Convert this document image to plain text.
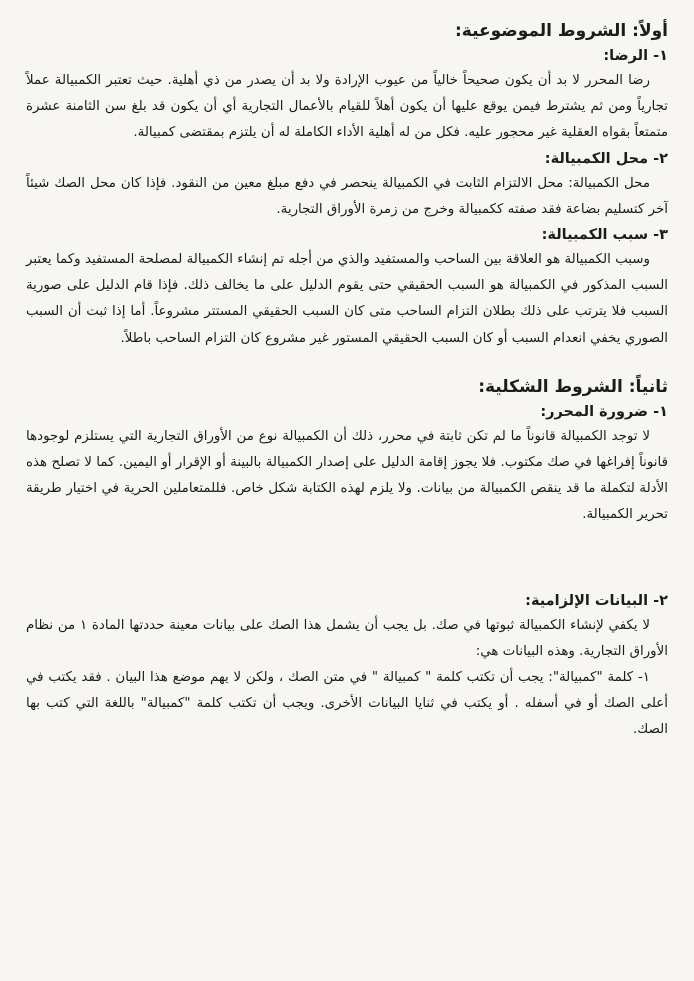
أولاً: الشروط الموضوعية:
١- الرضا:

رضا المحرر لا بد أن يكون صحيحاً خالياً من عيوب الإرادة ولا بد أن يصدر من ذي أهلية. حيث تعتبر الكمبيالة عملاً تجارياً ومن ثم يشترط فيمن يوقع عليها أن يكون أهلاً للقيام بالأعمال التجارية أي أن يكون قد بلغ سن الثامنة عشرة متمتعاً بقواه العقلية غير محجور عليه. فكل من له أهلية الأداء الكاملة له أن يلتزم بمقتضى كمبيالة.

٢- محل الكمبيالة:

محل الكمبيالة: محل الالتزام الثابت في الكمبيالة ينحصر في دفع مبلغ معين من النقود. فإذا كان محل الصك شيئاً آخر كتسليم بضاعة فقد صفته ككمبيالة وخرج من زمرة الأوراق التجارية.

٣- سبب الكمبيالة:

وسبب الكمبيالة هو العلاقة بين الساحب والمستفيد والذي من أجله تم إنشاء الكمبيالة لمصلحة المستفيد وكما يعتبر السبب المذكور في الكمبيالة هو السبب الحقيقي حتى يقوم الدليل على ما يخالف ذلك. فإذا قام الدليل على صورية السبب فلا يترتب على ذلك بطلان التزام الساحب متى كان السبب الحقيقي المستتر مشروعاً. أما إذا ثبت أن السبب الصوري يخفي انعدام السبب أو كان السبب الحقيقي المستور غير مشروع كان التزام الساحب باطلاً.

ثانياً: الشروط الشكلية:
١- ضرورة المحرر:

لا توجد الكمبيالة قانوناً ما لم تكن ثابتة في محرر، ذلك أن الكمبيالة نوع من الأوراق التجارية التي يستلزم لوجودها قانوناً إفراغها في صك مكتوب. فلا يجوز إقامة الدليل على إصدار الكمبيالة بالبينة أو الإقرار أو اليمين. كما لا تصلح هذه الأدلة لتكملة ما قد ينقص الكمبيالة من بيانات. ولا يلزم لهذه الكتابة شكل خاص. فللمتعاملين الحرية في اختيار طريقة تحرير الكمبيالة.

٢- البيانات الإلزامية:

لا يكفي لإنشاء الكمبيالة ثبوتها في صك. بل يجب أن يشمل هذا الصك على بيانات معينة حددتها المادة ١ من نظام الأوراق التجارية. وهذه البيانات هي:

١- كلمة "كمبيالة": يجب أن تكتب كلمة " كمبيالة " في متن الصك ، ولكن لا يهم موضع هذا البيان . فقد يكتب في أعلى الصك أو في أسفله . أو يكتب في ثنايا البيانات الأخرى. ويجب أن تكتب كلمة "كمبيالة" باللغة التي كتب بها الصك.
